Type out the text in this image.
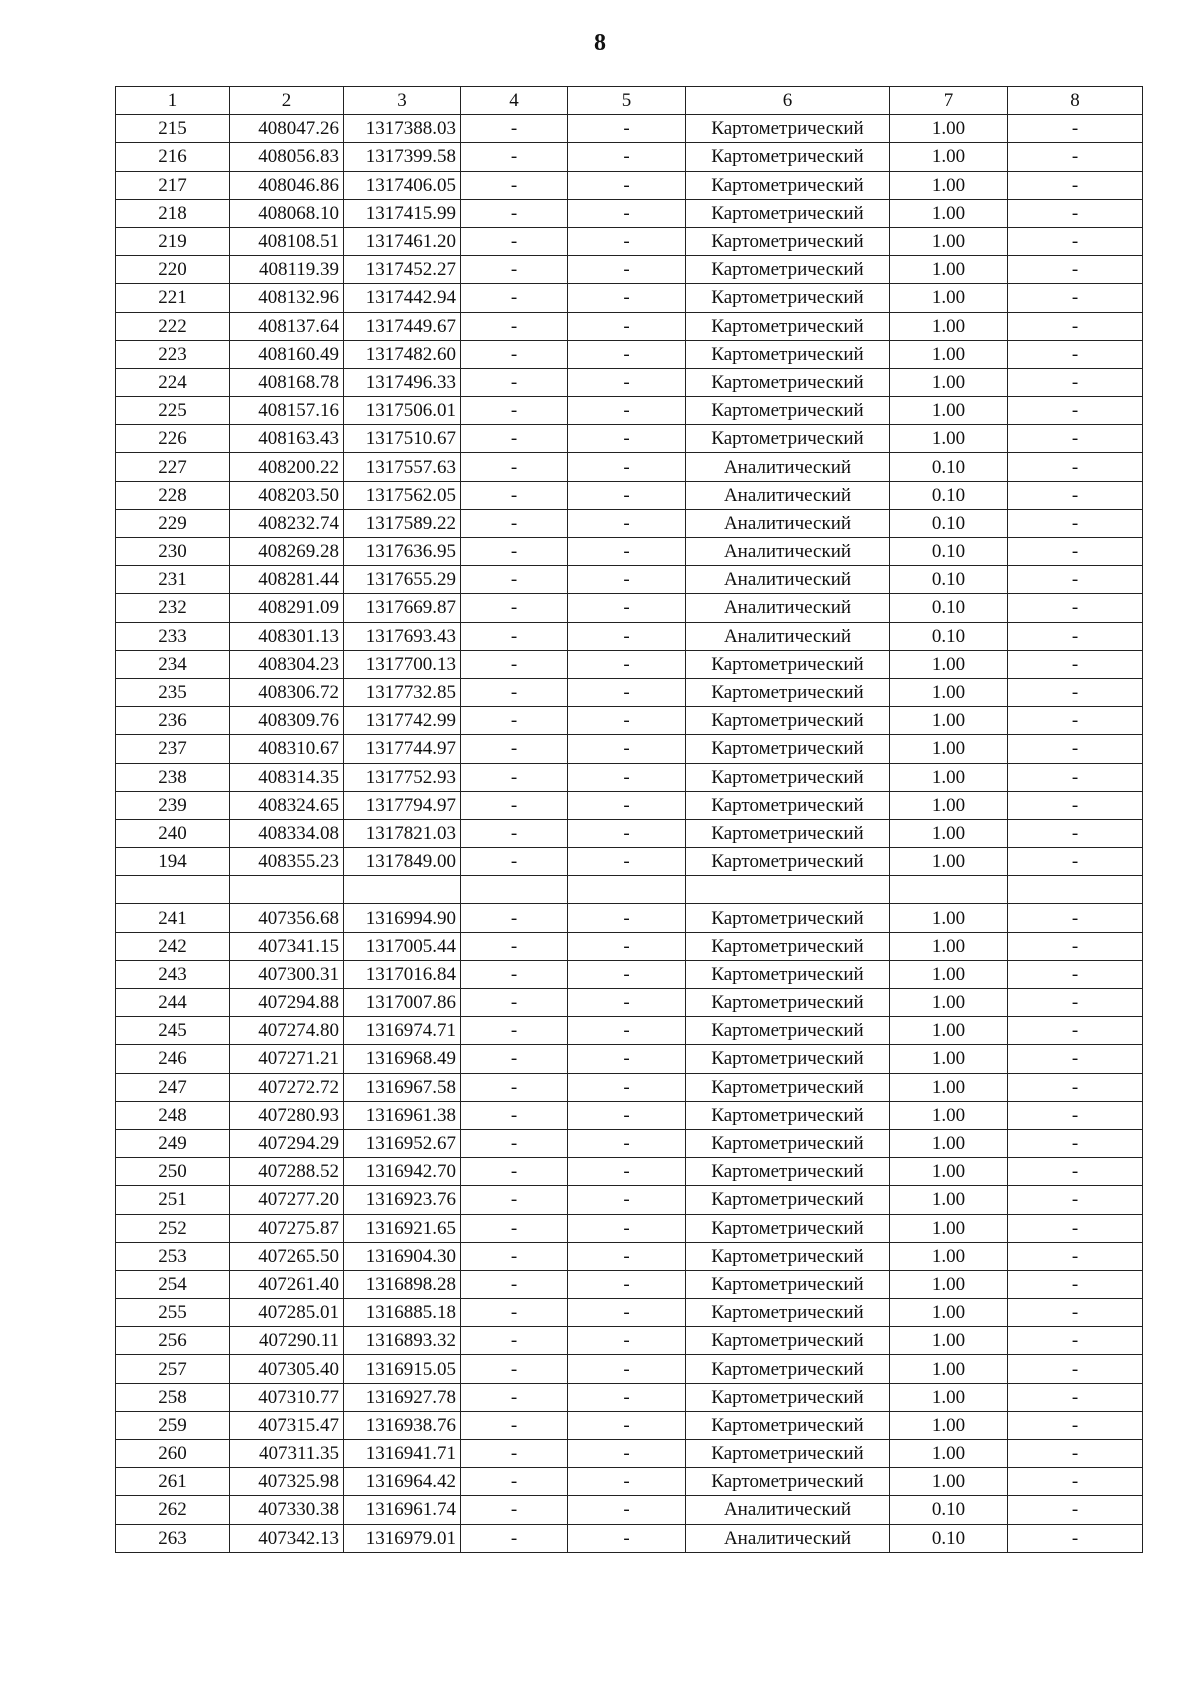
8
1	2	3	4	5	6	7	8
215	408047.26	1317388.03	-	-	Картометрический	1.00	-
216	408056.83	1317399.58	-	-	Картометрический	1.00	-
217	408046.86	1317406.05	-	-	Картометрический	1.00	-
218	408068.10	1317415.99	-	-	Картометрический	1.00	-
219	408108.51	1317461.20	-	-	Картометрический	1.00	-
220	408119.39	1317452.27	-	-	Картометрический	1.00	-
221	408132.96	1317442.94	-	-	Картометрический	1.00	-
222	408137.64	1317449.67	-	-	Картометрический	1.00	-
223	408160.49	1317482.60	-	-	Картометрический	1.00	-
224	408168.78	1317496.33	-	-	Картометрический	1.00	-
225	408157.16	1317506.01	-	-	Картометрический	1.00	-
226	408163.43	1317510.67	-	-	Картометрический	1.00	-
227	408200.22	1317557.63	-	-	Аналитический	0.10	-
228	408203.50	1317562.05	-	-	Аналитический	0.10	-
229	408232.74	1317589.22	-	-	Аналитический	0.10	-
230	408269.28	1317636.95	-	-	Аналитический	0.10	-
231	408281.44	1317655.29	-	-	Аналитический	0.10	-
232	408291.09	1317669.87	-	-	Аналитический	0.10	-
233	408301.13	1317693.43	-	-	Аналитический	0.10	-
234	408304.23	1317700.13	-	-	Картометрический	1.00	-
235	408306.72	1317732.85	-	-	Картометрический	1.00	-
236	408309.76	1317742.99	-	-	Картометрический	1.00	-
237	408310.67	1317744.97	-	-	Картометрический	1.00	-
238	408314.35	1317752.93	-	-	Картометрический	1.00	-
239	408324.65	1317794.97	-	-	Картометрический	1.00	-
240	408334.08	1317821.03	-	-	Картометрический	1.00	-
194	408355.23	1317849.00	-	-	Картометрический	1.00	-

241	407356.68	1316994.90	-	-	Картометрический	1.00	-
242	407341.15	1317005.44	-	-	Картометрический	1.00	-
243	407300.31	1317016.84	-	-	Картометрический	1.00	-
244	407294.88	1317007.86	-	-	Картометрический	1.00	-
245	407274.80	1316974.71	-	-	Картометрический	1.00	-
246	407271.21	1316968.49	-	-	Картометрический	1.00	-
247	407272.72	1316967.58	-	-	Картометрический	1.00	-
248	407280.93	1316961.38	-	-	Картометрический	1.00	-
249	407294.29	1316952.67	-	-	Картометрический	1.00	-
250	407288.52	1316942.70	-	-	Картометрический	1.00	-
251	407277.20	1316923.76	-	-	Картометрический	1.00	-
252	407275.87	1316921.65	-	-	Картометрический	1.00	-
253	407265.50	1316904.30	-	-	Картометрический	1.00	-
254	407261.40	1316898.28	-	-	Картометрический	1.00	-
255	407285.01	1316885.18	-	-	Картометрический	1.00	-
256	407290.11	1316893.32	-	-	Картометрический	1.00	-
257	407305.40	1316915.05	-	-	Картометрический	1.00	-
258	407310.77	1316927.78	-	-	Картометрический	1.00	-
259	407315.47	1316938.76	-	-	Картометрический	1.00	-
260	407311.35	1316941.71	-	-	Картометрический	1.00	-
261	407325.98	1316964.42	-	-	Картометрический	1.00	-
262	407330.38	1316961.74	-	-	Аналитический	0.10	-
263	407342.13	1316979.01	-	-	Аналитический	0.10	-
